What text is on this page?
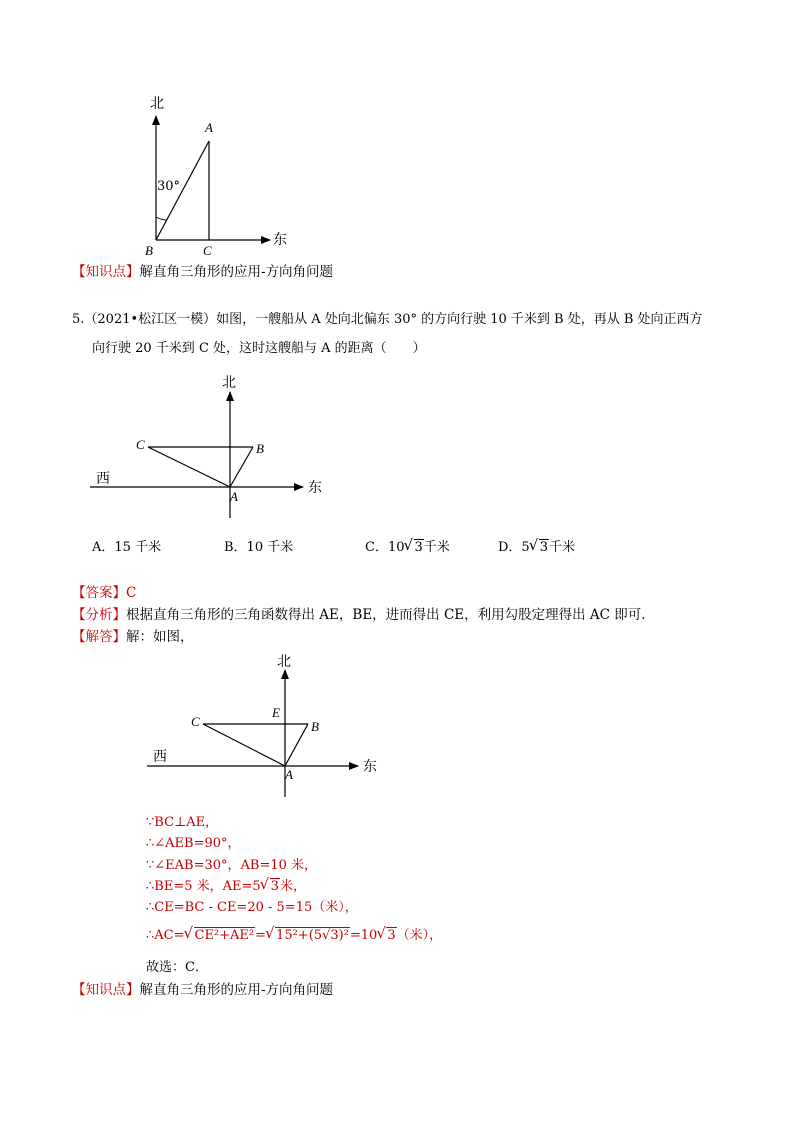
北
东
A
B	C
30°
【知识点】解直角三角形的应用-方向角问题
5.（2021•松江区一模）如图，一艘船从 A 处向北偏东 30° 的方向行驶 10 千米到 B 处，再从 B 处向正西方
向行驶 20 千米到 C 处，这时这艘船与 A 的距离（　　）
北
东
西
A
B
C
A．15 千米	B．10 千米	C．10 √ 3千米	D．5 √ 3千米
【答案】C
【分析】根据直角三角形的三角函数得出 AE，BE，进而得出 CE，利用勾股定理得出 AC 即可．
【解答】解：如图，
北
东
西
A
B
C
E
∵BC⊥AE，
∴∠AEB=90°，
∵∠EAB=30°，AB=10 米，
∴BE=5 米，AE=5 √ 3米，
∴CE=BC - CE=20 - 5=15（米），
∴AC= √ CE²+AE²= √ 15²+(5√3)²=10 √ 3（米），
故选：C．
【知识点】解直角三角形的应用-方向角问题
